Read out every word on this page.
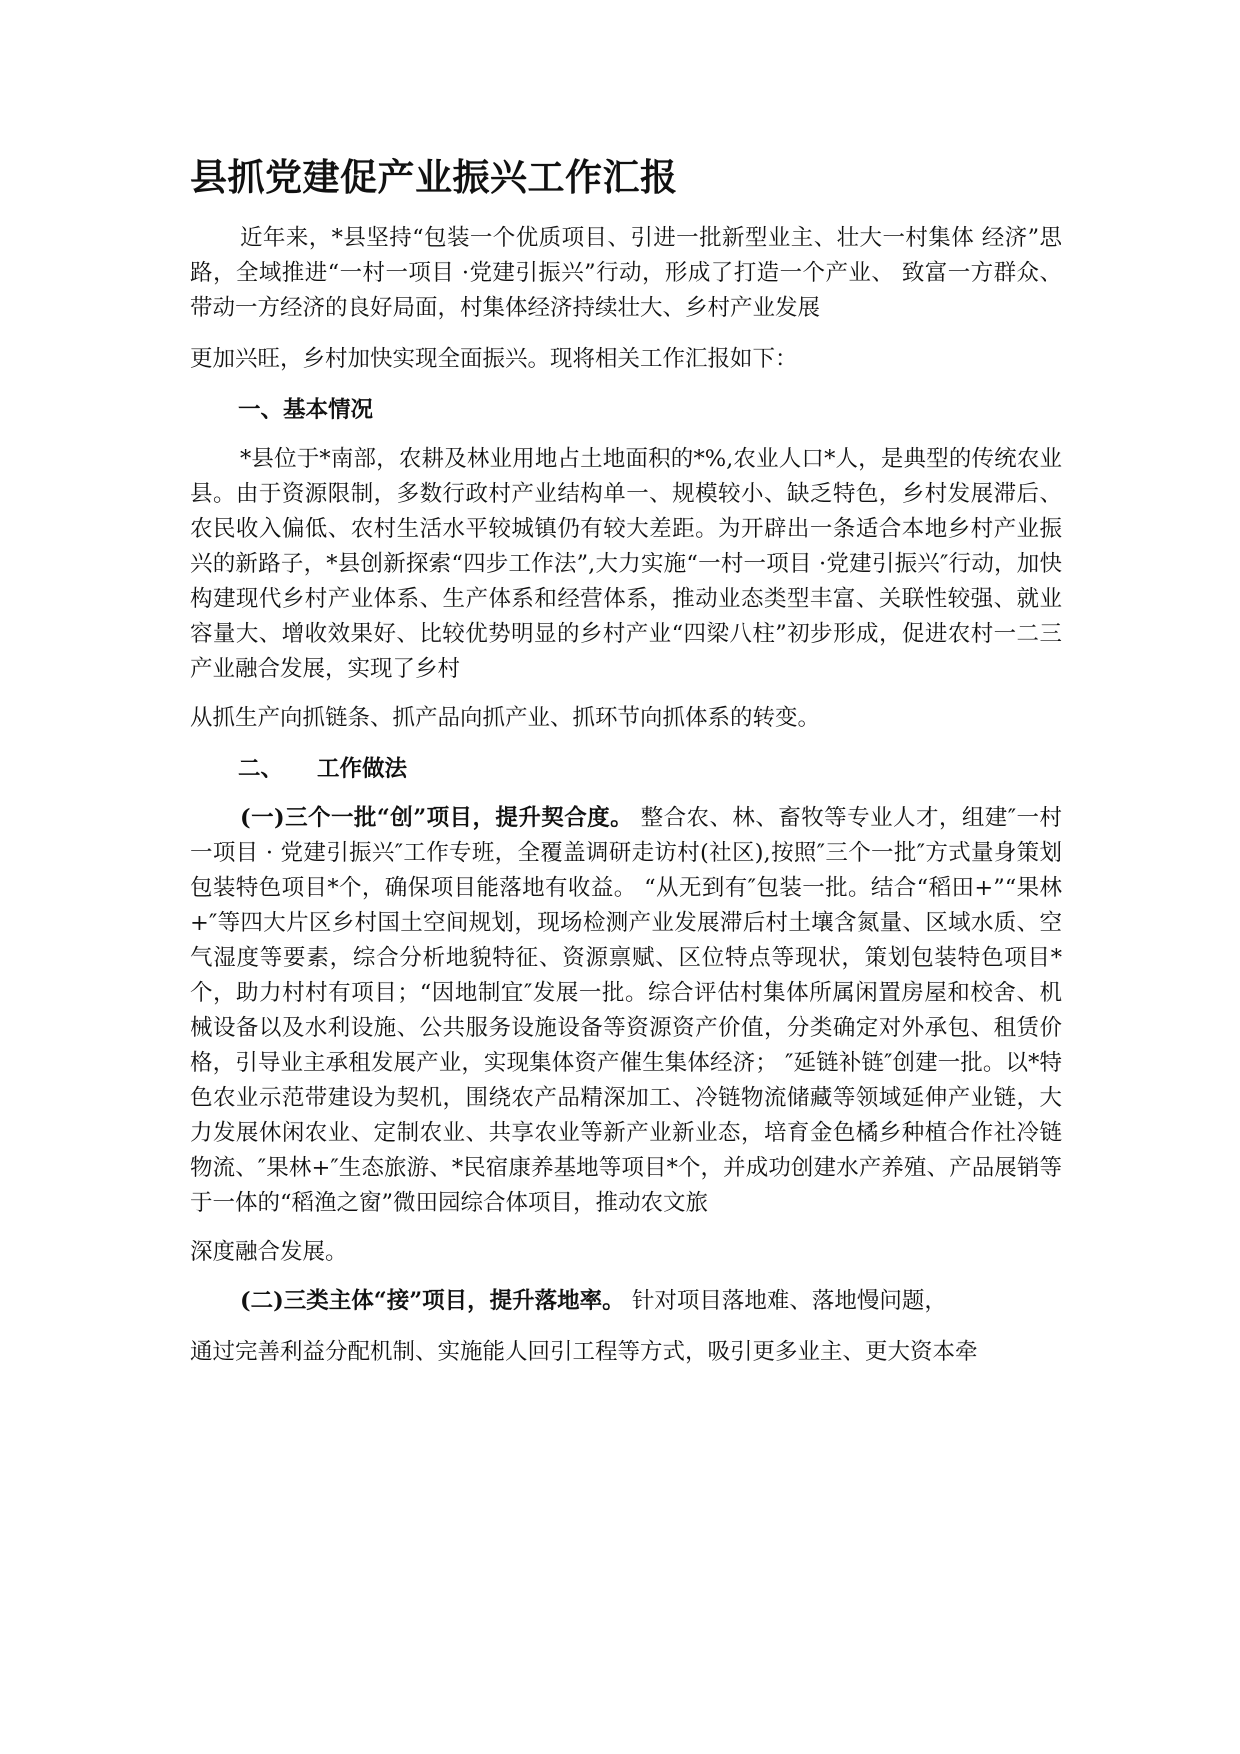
县抓党建促产业振兴工作汇报

近年来，*县坚持“包装一个优质项目、引进一批新型业主、壮大一村集体 经济”思路，全域推进“一村一项目 ·党建引振兴”行动，形成了打造一个产业、 致富一方群众、带动一方经济的良好局面，村集体经济持续壮大、乡村产业发展

更加兴旺，乡村加快实现全面振兴。现将相关工作汇报如下：

一、基本情况

*县位于*南部，农耕及林业用地占土地面积的*%,农业人口*人，是典型的传统农业县。由于资源限制，多数行政村产业结构单一、规模较小、缺乏特色，乡村发展滞后、农民收入偏低、农村生活水平较城镇仍有较大差距。为开辟出一条适合本地乡村产业振兴的新路子，*县创新探索“四步工作法”,大力实施“一村一项目 ·党建引振兴″行动，加快构建现代乡村产业体系、生产体系和经营体系，推动业态类型丰富、关联性较强、就业容量大、增收效果好、比较优势明显的乡村产业“四梁八柱”初步形成，促进农村一二三产业融合发展，实现了乡村

从抓生产向抓链条、抓产品向抓产业、抓环节向抓体系的转变。

二、 工作做法

(一)三个一批“创”项目，提升契合度。 整合农、林、畜牧等专业人才，组建″一村一项目 · 党建引振兴″工作专班，全覆盖调研走访村(社区),按照″三个一批″方式量身策划包装特色项目*个，确保项目能落地有收益。 “从无到有″包装一批。结合“稻田+”“果林+″等四大片区乡村国土空间规划，现场检测产业发展滞后村土壤含氮量、区域水质、空气湿度等要素，综合分析地貌特征、资源禀赋、区位特点等现状，策划包装特色项目*个，助力村村有项目；“因地制宜″发展一批。综合评估村集体所属闲置房屋和校舍、机械设备以及水利设施、公共服务设施设备等资源资产价值，分类确定对外承包、租赁价格，引导业主承租发展产业，实现集体资产催生集体经济； ″延链补链″创建一批。以*特色农业示范带建设为契机，围绕农产品精深加工、冷链物流储藏等领域延伸产业链，大力发展休闲农业、定制农业、共享农业等新产业新业态，培育金色橘乡种植合作社冷链物流、″果林+″生态旅游、*民宿康养基地等项目*个，并成功创建水产养殖、产品展销等于一体的“稻渔之窗”微田园综合体项目，推动农文旅

深度融合发展。

(二)三类主体“接”项目，提升落地率。 针对项目落地难、落地慢问题，

通过完善利益分配机制、实施能人回引工程等方式，吸引更多业主、更大资本牵
